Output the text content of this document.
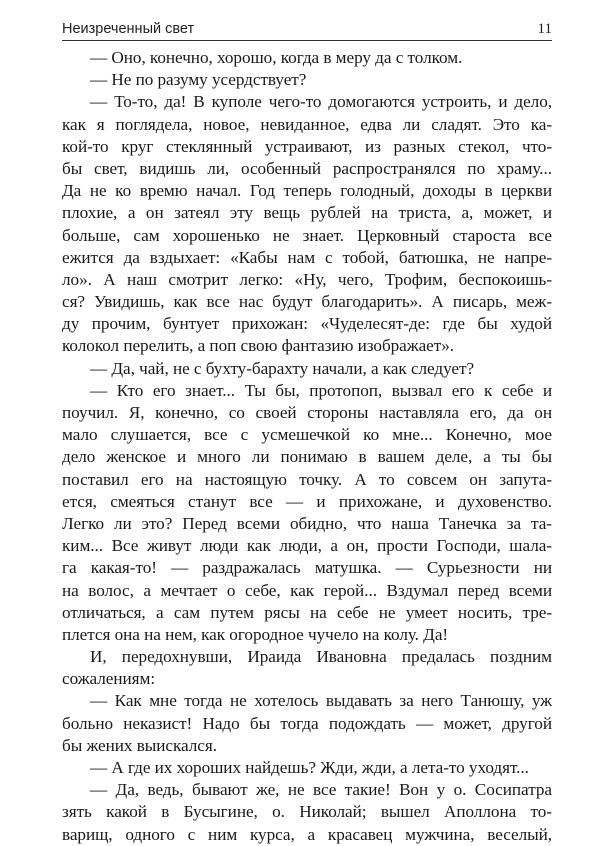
Неизреченный свет	11
— Оно, конечно, хорошо, когда в меру да с толком.
— Не по разуму усердствует?
— То-то, да! В куполе чего-то домогаются устроить, и дело,
как я поглядела, новое, невиданное, едва ли сладят. Это ка-
кой-то круг стеклянный устраивают, из разных стекол, что-
бы свет, видишь ли, особенный распространялся по храму...
Да не ко времю начал. Год теперь голодный, доходы в церкви
плохие, а он затеял эту вещь рублей на триста, а, может, и
больше, сам хорошенько не знает. Церковный староста все
ежится да вздыхает: «Кабы нам с тобой, батюшка, не напре-
ло». А наш смотрит легко: «Ну, чего, Трофим, беспокоишь-
ся? Увидишь, как все нас будут благодарить». А писарь, меж-
ду прочим, бунтует прихожан: «Чуделесят-де: где бы худой
колокол перелить, а поп свою фантазию изображает».
— Да, чай, не с бухту-барахту начали, а как следует?
— Кто его знает... Ты бы, протопоп, вызвал его к себе и
поучил. Я, конечно, со своей стороны наставляла его, да он
мало слушается, все с усмешечкой ко мне... Конечно, мое
дело женское и много ли понимаю в вашем деле, а ты бы
поставил его на настоящую точку. А то совсем он запута-
ется, смеяться станут все — и прихожане, и духовенство.
Легко ли это? Перед всеми обидно, что наша Танечка за та-
ким... Все живут люди как люди, а он, прости Господи, шала-
га какая-то! — раздражалась матушка. — Сурьезности ни
на волос, а мечтает о себе, как герой... Вздумал перед всеми
отличаться, а сам путем рясы на себе не умеет носить, тре-
плется она на нем, как огородное чучело на колу. Да!
И, передохнувши, Ираида Ивановна предалась поздним
сожалениям:
— Как мне тогда не хотелось выдавать за него Танюшу, уж
больно неказист! Надо бы тогда подождать — может, другой
бы жених выискался.
— А где их хороших найдешь? Жди, жди, а лета-то уходят...
— Да, ведь, бывают же, не все такие! Вон у о. Сосипатра
зять какой в Бусыгине, о. Николай; вышел Аполлона то-
варищ, одного с ним курса, а красавец мужчина, веселый,
